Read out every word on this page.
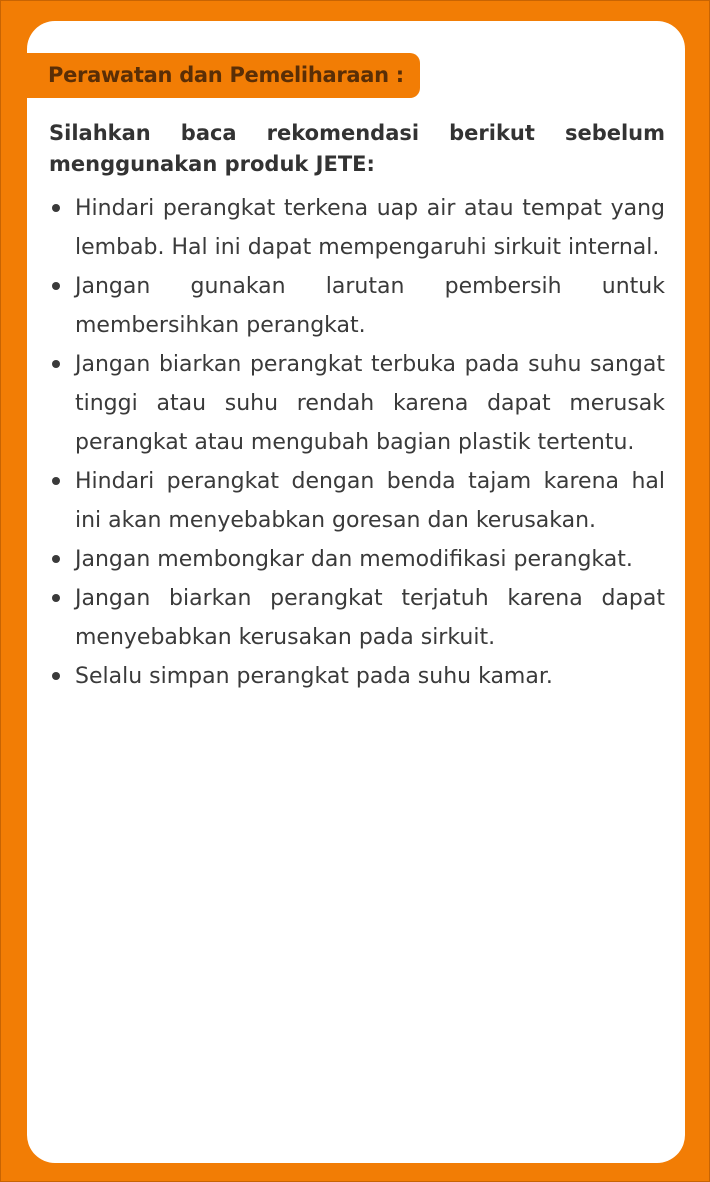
Perawatan dan Pemeliharaan :

Silahkan baca rekomendasi berikut sebelum menggunakan produk JETE:

Hindari perangkat terkena uap air atau tempat yang lembab. Hal ini dapat mempengaruhi sirkuit internal.
Jangan gunakan larutan pembersih untuk membersihkan perangkat.
Jangan biarkan perangkat terbuka pada suhu sangat tinggi atau suhu rendah karena dapat merusak perangkat atau mengubah bagian plastik tertentu.
Hindari perangkat dengan benda tajam karena hal ini akan menyebabkan goresan dan kerusakan.
Jangan membongkar dan memodifikasi perangkat.
Jangan biarkan perangkat terjatuh karena dapat menyebabkan kerusakan pada sirkuit.
Selalu simpan perangkat pada suhu kamar.
